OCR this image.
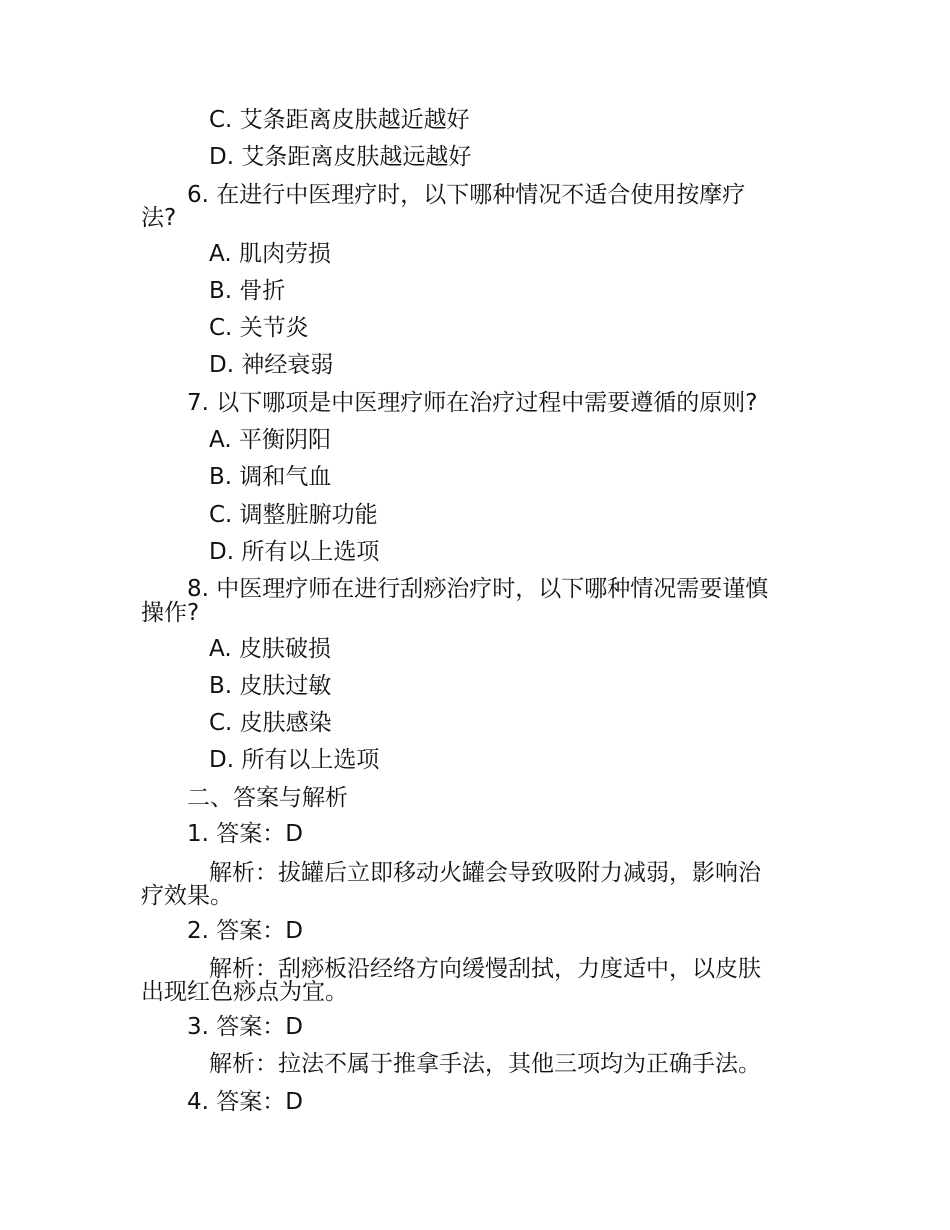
C. 艾条距离皮肤越近越好
D. 艾条距离皮肤越远越好
6. 在进行中医理疗时，以下哪种情况不适合使用按摩疗
法?
A. 肌肉劳损
B. 骨折
C. 关节炎
D. 神经衰弱
7. 以下哪项是中医理疗师在治疗过程中需要遵循的原则?
A. 平衡阴阳
B. 调和气血
C. 调整脏腑功能
D. 所有以上选项
8. 中医理疗师在进行刮痧治疗时，以下哪种情况需要谨慎
操作?
A. 皮肤破损
B. 皮肤过敏
C. 皮肤感染
D. 所有以上选项
二、答案与解析
1. 答案：D
解析：拔罐后立即移动火罐会导致吸附力减弱，影响治
疗效果。
2. 答案：D
解析：刮痧板沿经络方向缓慢刮拭，力度适中，以皮肤
出现红色痧点为宜。
3. 答案：D
解析：拉法不属于推拿手法，其他三项均为正确手法。
4. 答案：D
